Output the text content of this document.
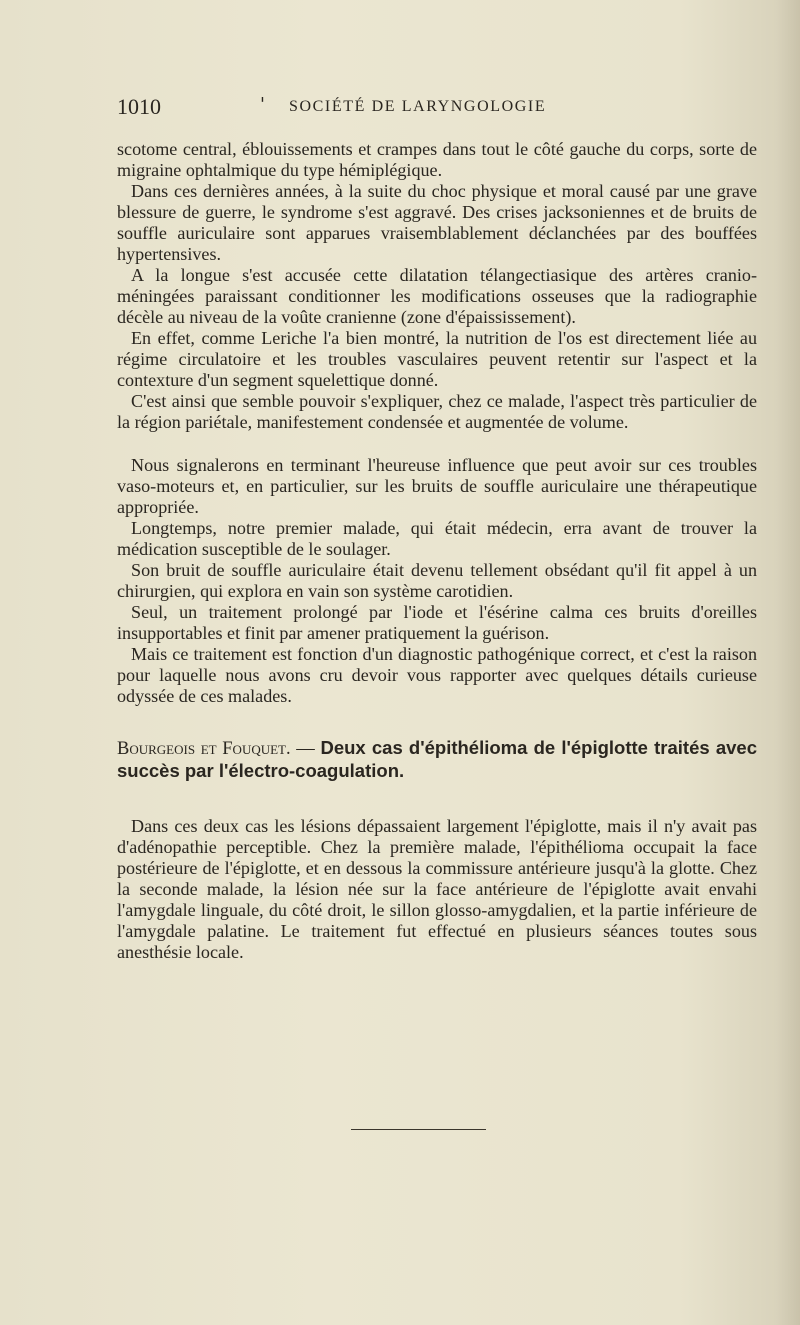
1010	' SOCIÉTÉ DE LARYNGOLOGIE

scotome central, éblouissements et crampes dans tout le côté gauche du corps, sorte de migraine ophtalmique du type hémiplégique.

Dans ces dernières années, à la suite du choc physique et moral causé par une grave blessure de guerre, le syndrome s'est aggravé. Des crises jacksoniennes et de bruits de souffle auriculaire sont apparues vraisemblablement déclanchées par des bouffées hypertensives.

A la longue s'est accusée cette dilatation télangectiasique des artères cranio-méningées paraissant conditionner les modifications osseuses que la radiographie décèle au niveau de la voûte cranienne (zone d'épaississement).

En effet, comme Leriche l'a bien montré, la nutrition de l'os est directement liée au régime circulatoire et les troubles vasculaires peuvent retentir sur l'aspect et la contexture d'un segment squelettique donné.

C'est ainsi que semble pouvoir s'expliquer, chez ce malade, l'aspect très particulier de la région pariétale, manifestement condensée et augmentée de volume.

Nous signalerons en terminant l'heureuse influence que peut avoir sur ces troubles vaso-moteurs et, en particulier, sur les bruits de souffle auriculaire une thérapeutique appropriée.

Longtemps, notre premier malade, qui était médecin, erra avant de trouver la médication susceptible de le soulager.

Son bruit de souffle auriculaire était devenu tellement obsédant qu'il fit appel à un chirurgien, qui explora en vain son système carotidien.

Seul, un traitement prolongé par l'iode et l'ésérine calma ces bruits d'oreilles insupportables et finit par amener pratiquement la guérison.

Mais ce traitement est fonction d'un diagnostic pathogénique correct, et c'est la raison pour laquelle nous avons cru devoir vous rapporter avec quelques détails curieuse odyssée de ces malades.

Bourgeois et Fouquet. — Deux cas d'épithélioma de l'épiglotte traités avec succès par l'électro-coagulation.

Dans ces deux cas les lésions dépassaient largement l'épiglotte, mais il n'y avait pas d'adénopathie perceptible. Chez la première malade, l'épithélioma occupait la face postérieure de l'épiglotte, et en dessous la commissure antérieure jusqu'à la glotte. Chez la seconde malade, la lésion née sur la face antérieure de l'épiglotte avait envahi l'amygdale linguale, du côté droit, le sillon glosso-amygdalien, et la partie inférieure de l'amygdale palatine. Le traitement fut effectué en plusieurs séances toutes sous anesthésie locale.
